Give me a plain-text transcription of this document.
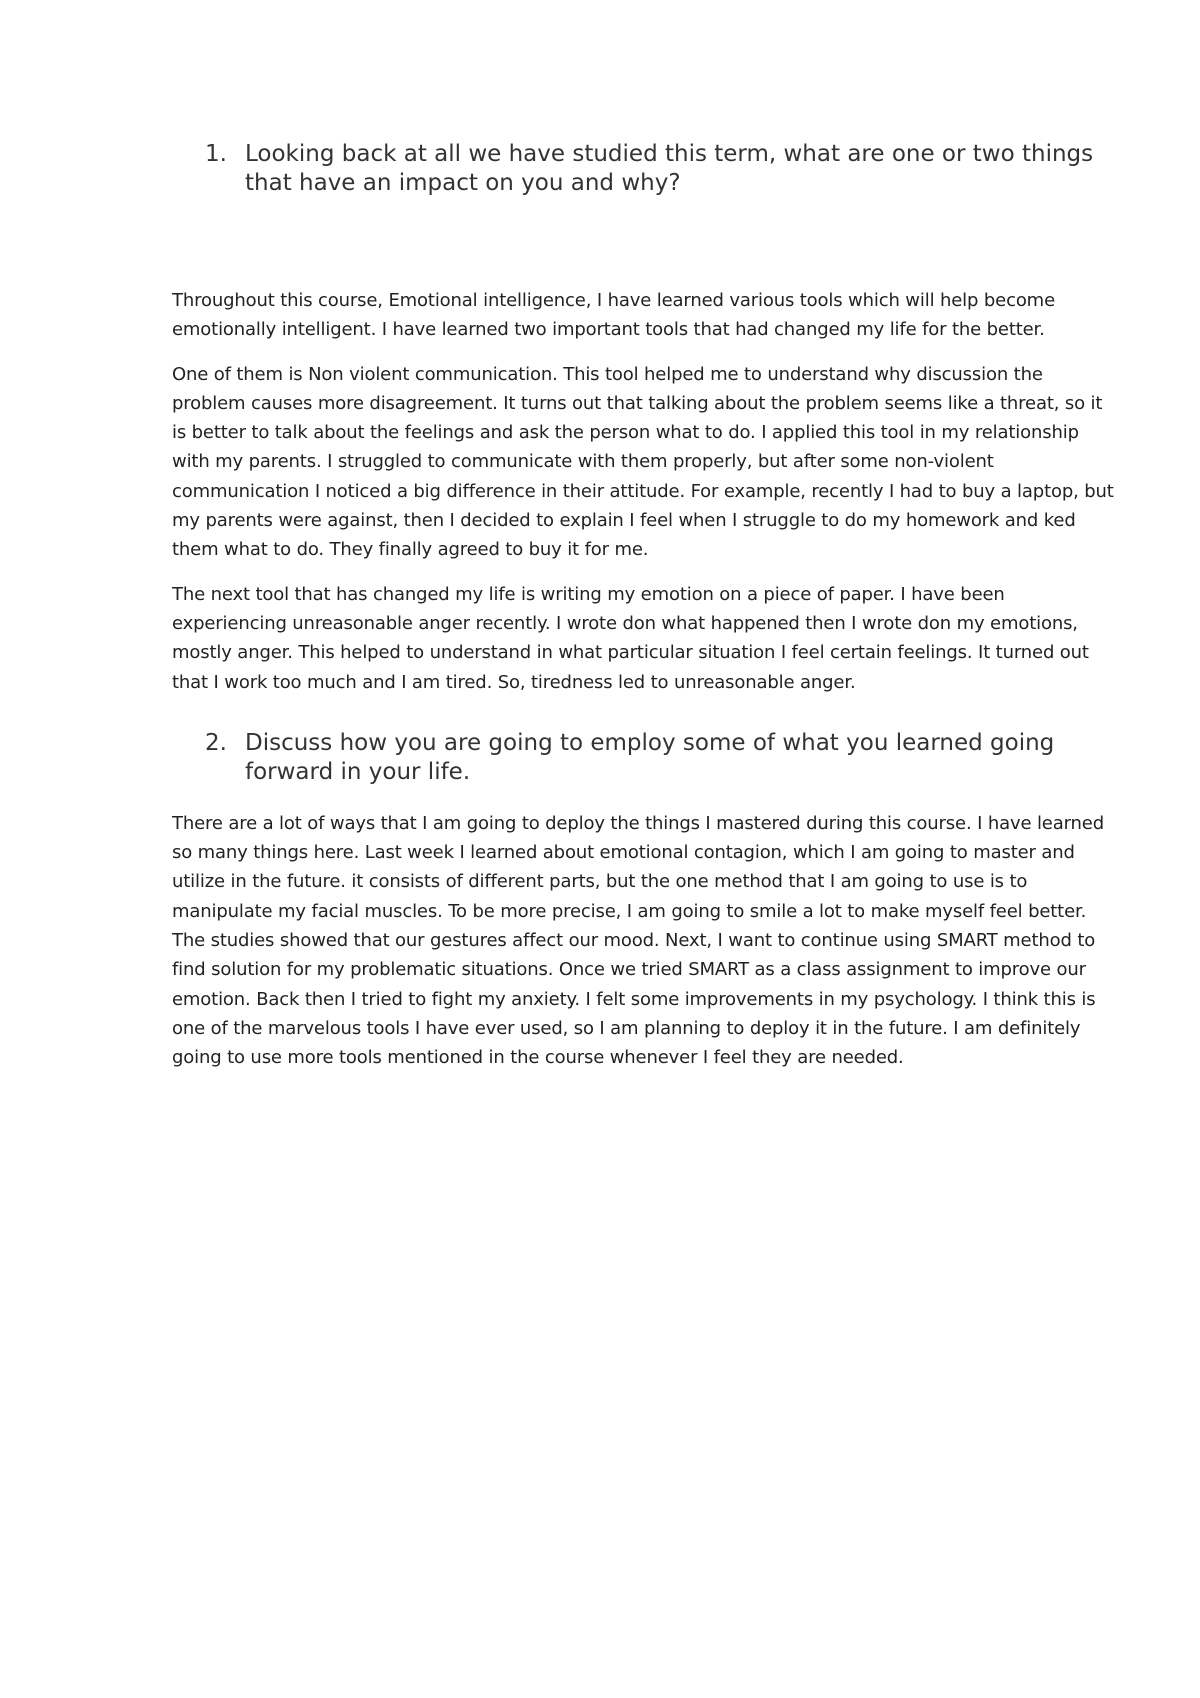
1. Looking back at all we have studied this term, what are one or two things that have an impact on you and why?

Throughout this course, Emotional intelligence, I have learned various tools which will help become emotionally intelligent. I have learned two important tools that had changed my life for the better.

One of them is Non violent communication. This tool helped me to understand why discussion the problem causes more disagreement. It turns out that talking about the problem seems like a threat, so it is better to talk about the feelings and ask the person what to do. I applied this tool in my relationship with my parents. I struggled to communicate with them properly, but after some non-violent communication I noticed a big difference in their attitude. For example, recently I had to buy a laptop, but my parents were against, then I decided to explain I feel when I struggle to do my homework and ked them what to do. They finally agreed to buy it for me.

The next tool that has changed my life is writing my emotion on a piece of paper. I have been experiencing unreasonable anger recently. I wrote don what happened then I wrote don my emotions, mostly anger. This helped to understand in what particular situation I feel certain feelings. It turned out that I work too much and I am tired. So, tiredness led to unreasonable anger.

2. Discuss how you are going to employ some of what you learned going forward in your life.

There are a lot of ways that I am going to deploy the things I mastered during this course. I have learned so many things here. Last week I learned about emotional contagion, which I am going to master and utilize in the future. it consists of different parts, but the one method that I am going to use is to manipulate my facial muscles. To be more precise, I am going to smile a lot to make myself feel better. The studies showed that our gestures affect our mood. Next, I want to continue using SMART method to find solution for my problematic situations. Once we tried SMART as a class assignment to improve our emotion. Back then I tried to fight my anxiety. I felt some improvements in my psychology. I think this is one of the marvelous tools I have ever used, so I am planning to deploy it in the future. I am definitely going to use more tools mentioned in the course whenever I feel they are needed.
